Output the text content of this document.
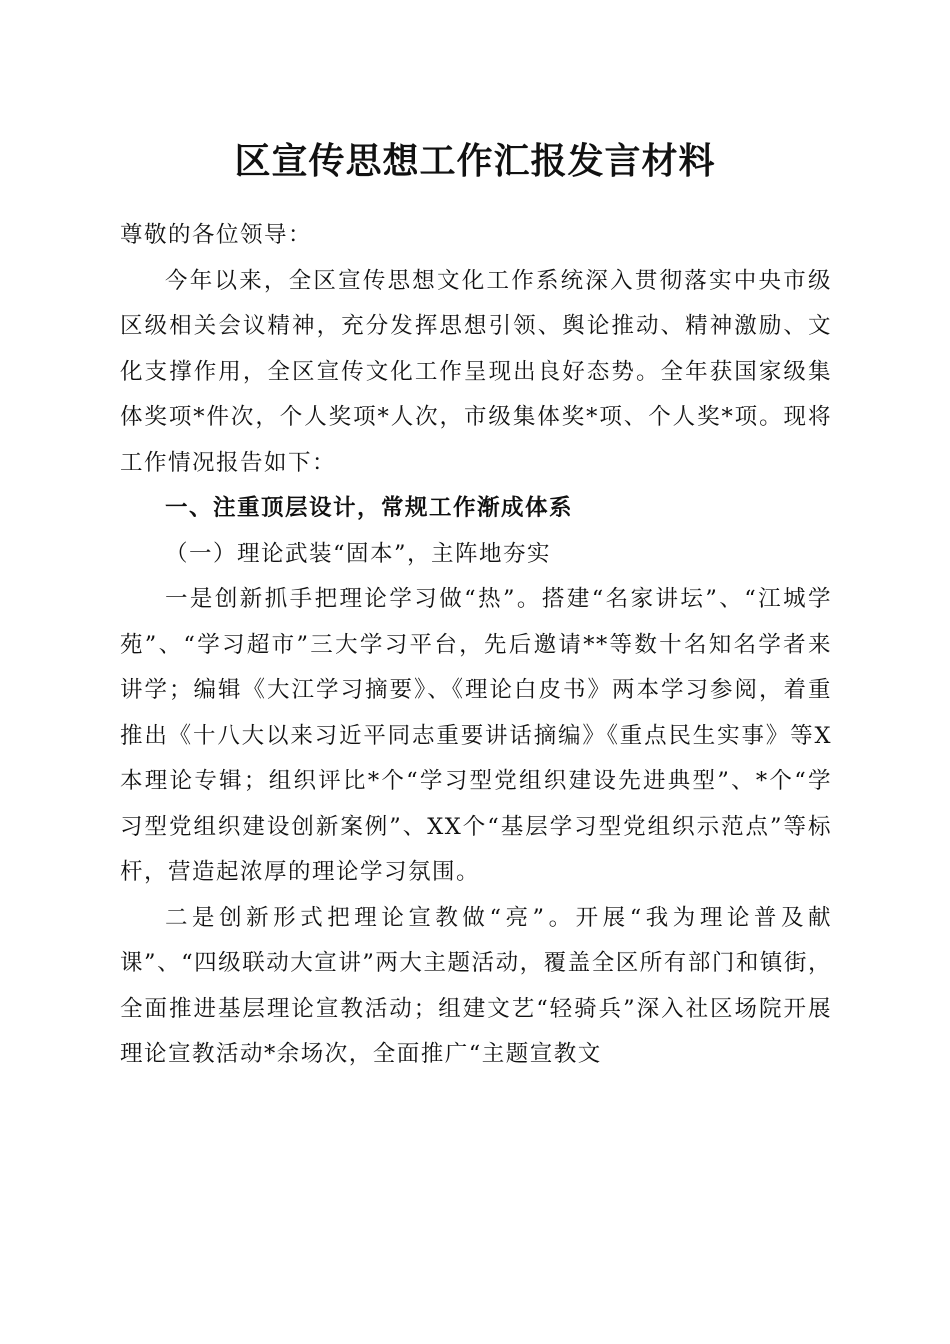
区宣传思想工作汇报发言材料

尊敬的各位领导：

今年以来，全区宣传思想文化工作系统深入贯彻落实中央市级区级相关会议精神，充分发挥思想引领、舆论推动、精神激励、文化支撑作用，全区宣传文化工作呈现出良好态势。全年获国家级集体奖项*件次，个人奖项*人次，市级集体奖*项、个人奖*项。现将工作情况报告如下：

一、注重顶层设计，常规工作渐成体系

（一）理论武装“固本”，主阵地夯实

一是创新抓手把理论学习做“热”。搭建“名家讲坛”、“江城学苑”、“学习超市”三大学习平台，先后邀请**等数十名知名学者来讲学；编辑《大江学习摘要》、《理论白皮书》两本学习参阅，着重推出《十八大以来习近平同志重要讲话摘编》《重点民生实事》等X本理论专辑；组织评比*个“学习型党组织建设先进典型”、*个“学习型党组织建设创新案例”、XX个“基层学习型党组织示范点”等标杆，营造起浓厚的理论学习氛围。

二是创新形式把理论宣教做“亮”。开展“我为理论普及献课”、“四级联动大宣讲”两大主题活动，覆盖全区所有部门和镇街，全面推进基层理论宣教活动；组建文艺“轻骑兵”深入社区场院开展理论宣教活动*余场次，全面推广“主题宣教文
